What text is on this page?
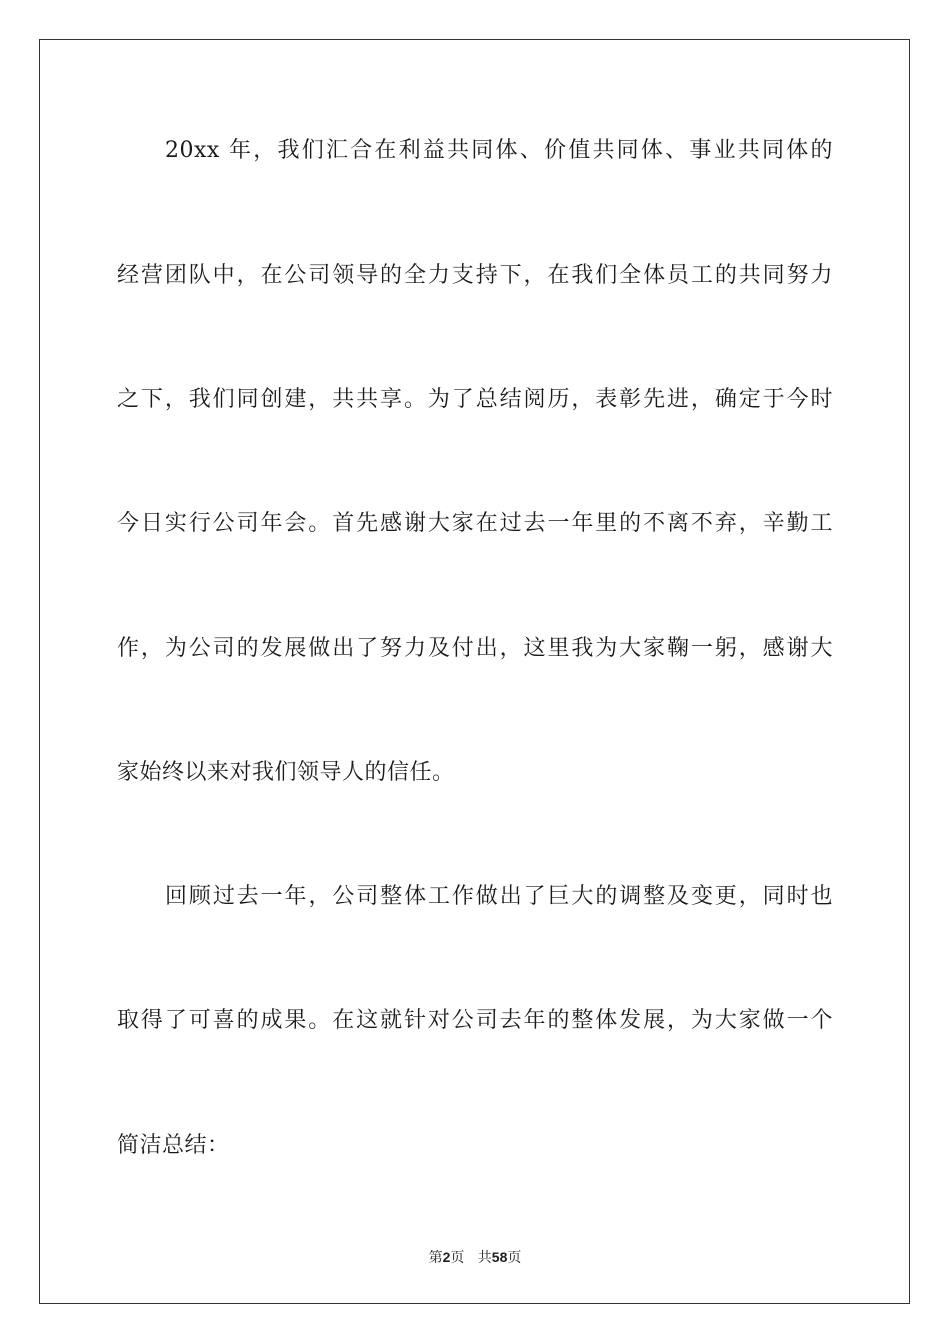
20xx 年，我们汇合在利益共同体、价值共同体、事业共同体的
经营团队中，在公司领导的全力支持下，在我们全体员工的共同努力
之下，我们同创建，共共享。为了总结阅历，表彰先进，确定于今时
今日实行公司年会。首先感谢大家在过去一年里的不离不弃，辛勤工
作，为公司的发展做出了努力及付出，这里我为大家鞠一躬，感谢大
家始终以来对我们领导人的信任。
回顾过去一年，公司整体工作做出了巨大的调整及变更，同时也
取得了可喜的成果。在这就针对公司去年的整体发展，为大家做一个
简洁总结：
第2页 共58页
